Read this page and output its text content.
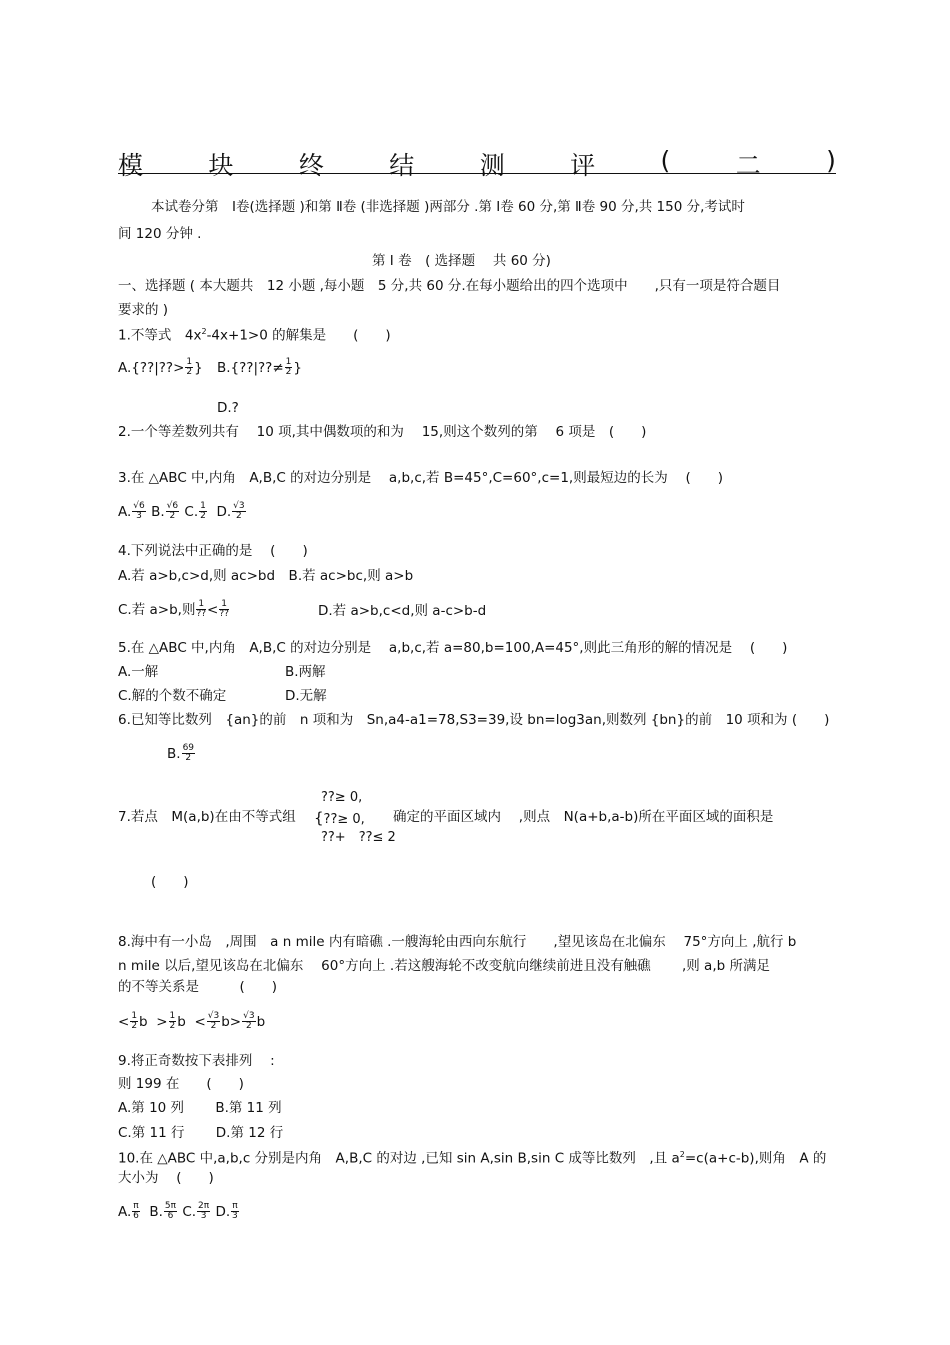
模	块	终	结	测	评	(	二	)
本试卷分第　Ⅰ卷(选择题 )和第 Ⅱ卷 (非选择题 )两部分 .第 Ⅰ卷 60 分,第 Ⅱ卷 90 分,共 150 分,考试时
间 120 分钟 .
第 Ⅰ 卷　( 选择题　 共 60 分)
一、选择题 ( 本大题共　12 小题 ,每小题　5 分,共 60 分.在每小题给出的四个选项中　　,只有一项是符合题目
要求的 )
1.不等式　$4x^2-4x+1>0$ 的解集是　　(　　)
A.{??|??> $\frac{1}{2}$ } B.{??|??≠ $\frac{1}{2}$ }
D.?
2.一个等差数列共有　 10 项,其中偶数项的和为　 15,则这个数列的第　 6 项是　(　　)
3.在 △ABC 中,内角　A,B,C 的对边分别是　 a,b,c,若 B=45°,C=60°,c=1,则最短边的长为　 (　　)
A. $\frac{√6}{3} B$. $\frac{√6}{2} C$. $\frac{1}{2} D$. $\frac{√3}{2}$
4.下列说法中正确的是　 (　　)
A.若 a>b,c>d,则 ac>bd　B.若 ac>bc,则 a>b
C.若 a>b,则 $\frac{1}{??} < \frac{1}{??}$	D.若 a>b,c<d,则 a-c>b-d
5.在 △ABC 中,内角　A,B,C 的对边分别是　 a,b,c,若 a=80,b=100,A=45°,则此三角形的解的情况是　 (　　)
A.一解	B.两解
C.解的个数不确定	D.无解
6.已知等比数列　{an}的前　n 项和为　Sn,a4-a1=78,S3=39,设 bn=log3an,则数列 {bn}的前　10 项和为 (　　)
B. $\frac{69}{2}$
??≥ 0,
{??≥ 0,
??+　??≤ 2
7.若点　M(a,b)在由不等式组	确定的平面区域内　 ,则点　N(a+b,a-b)所在平面区域的面积是
(　　)
8.海中有一小岛　,周围　a n mile 内有暗礁 .一艘海轮由西向东航行　　,望见该岛在北偏东　 75°方向上 ,航行 b
n mile 以后,望见该岛在北偏东　 60°方向上 .若这艘海轮不改变航向继续前进且没有触礁　　 ,则 a,b 所满足
的不等关系是　　　(　　)
< $\frac{1}{2}$ $b > \frac{1}{2}$ $b < \frac{√3}{2} b> \frac{√3}{2}$ b
9.将正奇数按下表排列　 :
则 199 在　　(　　)
A.第 10 列　　 B.第 11 列
C.第 11 行　　 D.第 12 行
10.在 △ABC 中,a,b,c 分别是内角　A,B,C 的对边 ,已知 sin A,sin B,sin C 成等比数列　,且 $a^2=c(a+c-b)$,则角　A 的
大小为　 (　　)
A. $\frac{\pi}{6} B$. $\frac{5\pi}{6} C$. $\frac{2\pi}{3} D$. $\frac{\pi}{3}$
